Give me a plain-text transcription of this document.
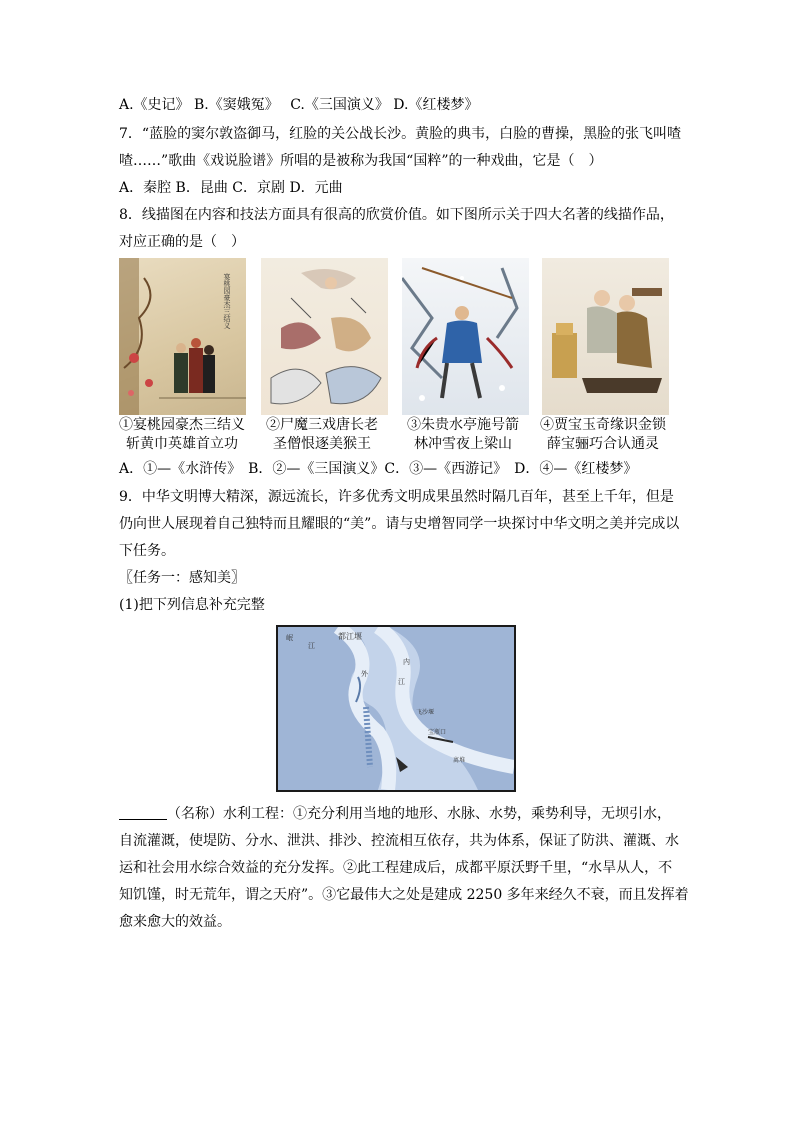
A.《史记》 B.《窦娥冤》　 C.《三国演义》 D.《红楼梦》
7．“蓝脸的窦尔敦盗御马，红脸的关公战长沙。黄脸的典韦，白脸的曹操，黑脸的张飞叫喳
喳……”歌曲《戏说脸谱》所唱的是被称为我国“国粹”的一种戏曲，它是（　）
A．秦腔 B．昆曲 C．京剧 D．元曲
8．线描图在内容和技法方面具有很高的欣赏价值。如下图所示关于四大名著的线描作品，
对应正确的是（　）
宴桃园豪杰三结义
①宴桃园豪杰三结义
斩黄巾英雄首立功
②尸魔三戏唐长老
圣僧恨逐美猴王
③朱贵水亭施号箭
林冲雪夜上梁山
④贾宝玉奇缘识金锁
薛宝骊巧合认通灵
A．①—《水浒传》　B．②—《三国演义》C．③—《西游记》　D．④—《红楼梦》
9．中华文明博大精深，源远流长，许多优秀文明成果虽然时隔几百年，甚至上千年，但是
仍向世人展现着自己独特而且耀眼的“美”。请与史增智同学一块探讨中华文明之美并完成以
下任务。
〖任务一：感知美〗
(1)把下列信息补充完整
岷
江
都江堰
外
内
江
宝瓶口
飞沙堰
离堆
（名称）水利工程：①充分利用当地的地形、水脉、水势，乘势利导，无坝引水，
自流灌溉，使堤防、分水、泄洪、排沙、控流相互依存，共为体系，保证了防洪、灌溉、水
运和社会用水综合效益的充分发挥。②此工程建成后，成都平原沃野千里，“水旱从人，不
知饥馑，时无荒年，谓之天府”。③它最伟大之处是建成 2250 多年来经久不衰，而且发挥着
愈来愈大的效益。
